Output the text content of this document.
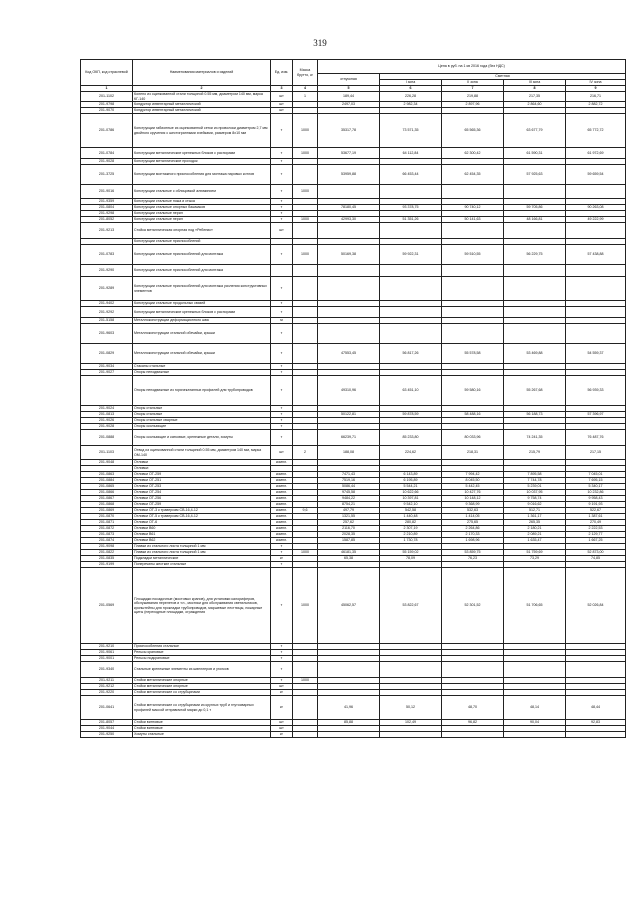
319
Код ОКП, код отраслевой	Наименования материалов и изделий	Ед. изм.	Масса брутто, кг	Цена в руб. на 1 кв 2016 года (без НДС)				
				отпускная	Сметная			
					I зона	II зона	III зона	IV зона
1	2	3	4	5	6	7	8	9
201-1102	Колено из оцинкованной стали толщиной 0.55 мм, диаметром 140 мм, марка КГ-140	шт	1	189,44	226,28	219,88	217,35	216,71
201-9798	Кондуктор инвентарный металлический	шт		2497,03	2 982,34	2 897,96	2 864,60	2 882,72
201-9070	Кондуктор инвентарный металлический	шт						
201-0786	Конструкции габионные из оцинкованной сетки из проволоки диаметром 2,7 мм двойного кручения с шестигранными ячейками, размером 8х10 мм	т	1000	35317,78	73 571,35	65 565,36	63 677,79	65 772,72
201-0784	Конструкции металлические крепежных блоков с распорами	т	1000	53677,19	64 112,84	62 300,42	61 590,31	61 972,69
201-9028	Конструкции металлические проходок	т						
201-3725	Конструкции монтажного приспособления для монтажа паровых котлов	т		53959,88	66 453,44	62 454,35	57 925,63	59 659,54
201-9016	Конструкции стальные с облицовкой алюминием	т	1000					
201-9359	Конструкции стальные ножа и стыка	т						
201-0804	Конструкции стальные опорных башмаков	т		78180,45	93 378,75	90 740,12	59 705,86	90 263,08
201-9298	Конструкции стальные перил	т						
201-8052	Конструкции стальные перил	т	1000	42993,30	51 351,26	50 141,63	48 166,81	49 222,99
201-9213	Стойка металлическая опорная под «Ребеник»	шт						
	Конструкции стальные приспособлений							
201-0783	Конструкции стальные приспособлений для монтажа	т	1000	50169,38	59 922,31	59 510,55	56 229,75	57 438,88
201-9290	Конструкции стальные приспособлений для монтажа							
201-9289	Конструкции стальные приспособлений для монтажа усиления конструктивных элементов	т						
201-9402	Конструкции стальные продольных связей	т						
201-9292	Конструкции металлические крепежных блоков с распорами	т						
201-5158	Металлоконструкции деформационного шва	м						
201-9603	Металлоконструкции стальной обечайки, крыши	т						
201-0829	Металлоконструкции стальной обечайки, крыши	т		47553,45	56 817,26	55 578,58	53 469,88	54 559,37
201-9034	Стаканы стальные	т						
201-9027	Опоры неподвижные	т						
	Опоры неподвижные из горячекатанных профилей для трубопроводов	т		49310,96	63 451,10	59 580,16	55 267,68	56 939,33
201-9024	Опоры стальные	т						
201-0813	Опоры стальные	т		50122,81	59 878,59	58 488,16	56 188,73	57 396,97
201-9026	Опоры стальные сварные	т						
201-9028	Опоры скользящие	т						
201-0888	Опоры скользящие и катковые, крепежные детали, хомуты	т		66239,71	85 233,80	80 033,96	74 241,35	76 487,76
201-1103	Отвод из оцинкованной стали толщиной 0.55 мм, диаметром 140 мм, марка ОМ-140	шт	2	188,08	224,62	218,31	215,79	217,15
201-9048	Отливки	компл.						
	Отливки:							
201-0863	Отливки ОТ-259	компл.		7471,43	6 143,89	7 994,42	7 895,58	7 045,01
201-0884	Отливки ОТ-251	компл.		7519,16	6 195,89	8 045,50	7 744,78	7 695,15
201-0865	Отливки ОТ-253	компл.		5086,44	5 544,21	5 442,45	5 239,01	5 340,17
201-0866	Отливки ОТ-254	компл.		9745,58	10 622,66	10 427,76	10 037,95	10 232,86
201-0867	Отливки ОТ-256	компл.		9484,22	10 397,81	10 148,12	9 758,74	9 958,43
201-0868	Отливки ОТ-259	компл.		8754,21	9 542,10	9 368,99	9 016,62	9 191,93
201-0869	Отливки ОТ-3 к траверсам СВ-16,4-12	компл.	9,6	497,79	542,58	532,63	512,71	522,67
201-0870	Отливки ОТ-5 к траверсам СВ-16,4-12	компл.		1321,55	1 440,48	1 414,05	1 361,17	1 387,61
201-0871	Отливки ОТ-6	компл.		257,62	280,82	275,65	265,35	270,49
201-0872	Отливки В60	компл.		2116,70	2 307,19	2 264,86	2 180,21	2 222,53
201-0873	Отливки В61	компл.		2028,35	2 210,89	2 170,33	2 089,21	2 129,77
201-0874	Отливки В62	компл.		1587,85	1 730,78	1 698,96	1 635,47	1 667,25
201-9098	Плавки из стального листа толщиной 1 мм	т						
201-0822	Плавки из стального листа толщиной 1 мм	т	1000	46181,35	55 159,02	53 859,75	51 759,69	52 873,00
201-0835	Подкладки металлические	кг		65,38	78,09	76,23	73,29	74,85
201-9199	Поперечины жесткие стальные	т						
201-0569	Площадки посадочные (мостовых кранов), для установки калориферов, обслуживания перелетов и т.п., мостики для обслуживания светильников, кронштейны для прокладки трубопроводов, маршевые лестницы, пожарные щиты (переходные площадки, ограждения	т	1000	45062,57	53 822,67	52 301,52	51 706,65	52 026,84
201-9210	Приспособления стальные	т						
201-9061	Рельсы крановые	т						
201-9001	Рельсы подкрановые	т						
201-9340	Стальные крепежные элементы из швеллеров и уголков	т						
201-9211	Стойки металлические опорные	т	1000					
201-9212	Стойки металлические опорные	шт						
201-9220	Стойки металлические со струбцинами	кг						
201-0641	Стойки металлические со струбцинами из круглых труб и гнутосварных профилей массой отправочной марки до 0,1 т	кг		41,96	50,12	48,70	48,14	48,44
201-8057	Стойки винтовые	шт		85,88	102,49	96,82	90,04	92,83
201-9044	Стойки винтовые	шт						
201-9250	Хомуты стальные	кг						
